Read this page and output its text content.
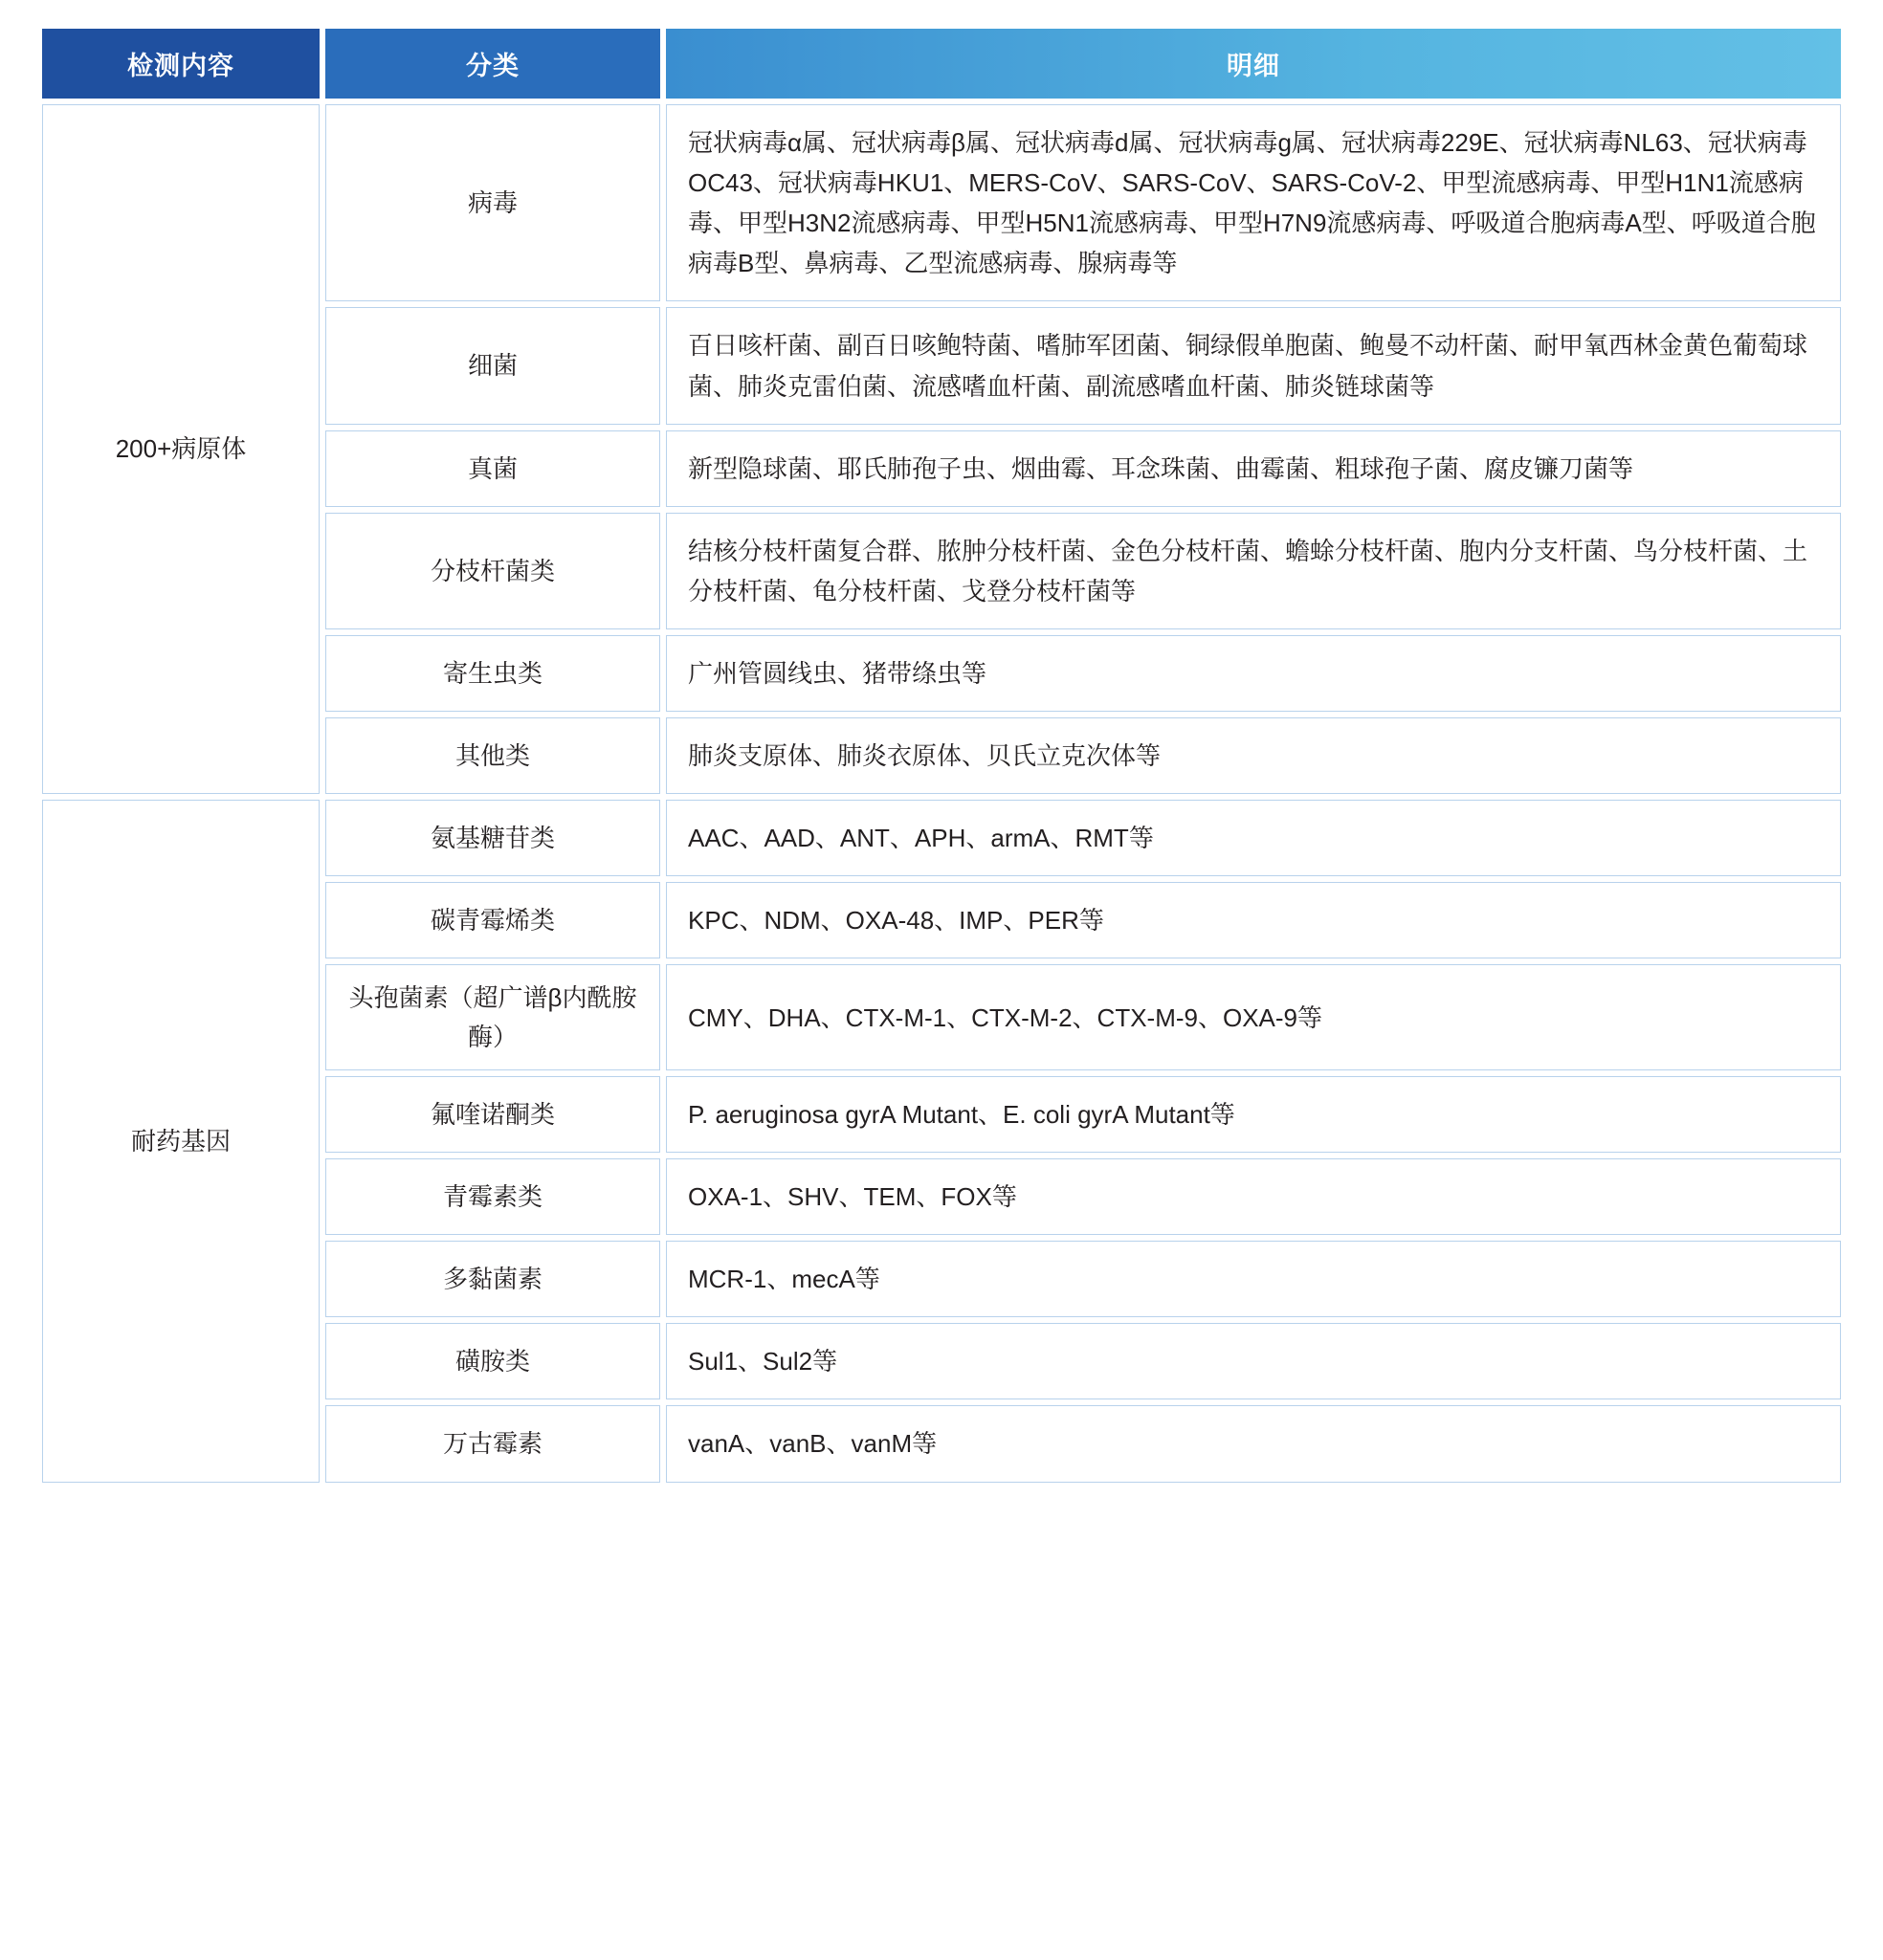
检测内容	分类	明细
200+病原体	病毒	冠状病毒α属、冠状病毒β属、冠状病毒d属、冠状病毒g属、冠状病毒229E、冠状病毒NL63、冠状病毒OC43、冠状病毒HKU1、MERS-CoV、SARS-CoV、SARS-CoV-2、甲型流感病毒、甲型H1N1流感病毒、甲型H3N2流感病毒、甲型H5N1流感病毒、甲型H7N9流感病毒、呼吸道合胞病毒A型、呼吸道合胞病毒B型、鼻病毒、乙型流感病毒、腺病毒等
	细菌	百日咳杆菌、副百日咳鲍特菌、嗜肺军团菌、铜绿假单胞菌、鲍曼不动杆菌、耐甲氧西林金黄色葡萄球菌、肺炎克雷伯菌、流感嗜血杆菌、副流感嗜血杆菌、肺炎链球菌等
	真菌	新型隐球菌、耶氏肺孢子虫、烟曲霉、耳念珠菌、曲霉菌、粗球孢子菌、腐皮镰刀菌等
	分枝杆菌类	结核分枝杆菌复合群、脓肿分枝杆菌、金色分枝杆菌、蟾蜍分枝杆菌、胞内分支杆菌、鸟分枝杆菌、土分枝杆菌、龟分枝杆菌、戈登分枝杆菌等
	寄生虫类	广州管圆线虫、猪带绦虫等
	其他类	肺炎支原体、肺炎衣原体、贝氏立克次体等
耐药基因	氨基糖苷类	AAC、AAD、ANT、APH、armA、RMT等
	碳青霉烯类	KPC、NDM、OXA-48、IMP、PER等
	头孢菌素（超广谱β内酰胺酶）	CMY、DHA、CTX-M-1、CTX-M-2、CTX-M-9、OXA-9等
	氟喹诺酮类	P. aeruginosa gyrA Mutant、E. coli gyrA Mutant等
	青霉素类	OXA-1、SHV、TEM、FOX等
	多黏菌素	MCR-1、mecA等
	磺胺类	Sul1、Sul2等
	万古霉素	vanA、vanB、vanM等
